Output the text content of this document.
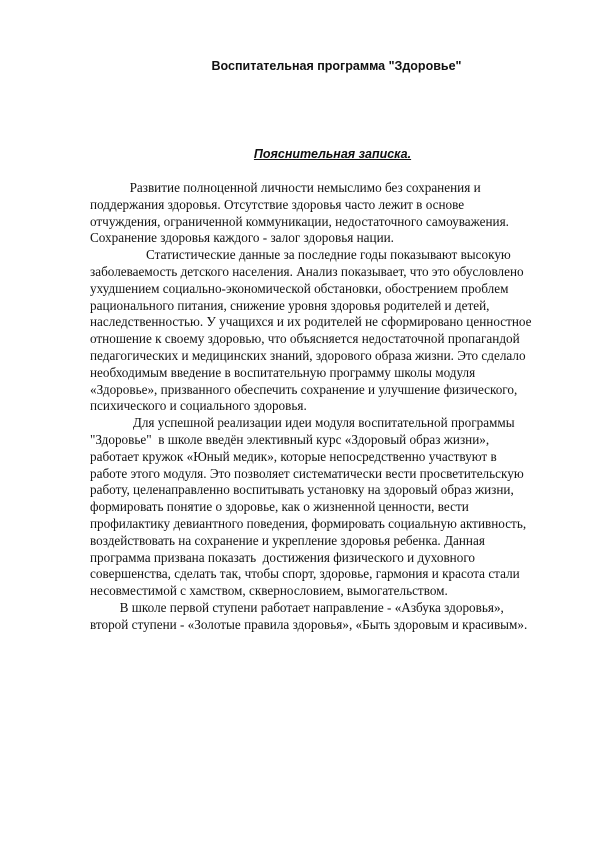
Воспитательная программа "Здоровье"
Пояснительная записка.
Развитие полноценной личности немыслимо без сохранения и
поддержания здоровья. Отсутствие здоровья часто лежит в основе
отчуждения, ограниченной коммуникации, недостаточного самоуважения.
Сохранение здоровья каждого - залог здоровья нации.
Статистические данные за последние годы показывают высокую
заболеваемость детского населения. Анализ показывает, что это обусловлено
ухудшением социально-экономической обстановки, обострением проблем
рационального питания, снижение уровня здоровья родителей и детей,
наследственностью. У учащихся и их родителей не сформировано ценностное
отношение к своему здоровью, что объясняется недостаточной пропагандой
педагогических и медицинских знаний, здорового образа жизни. Это сделало
необходимым введение в воспитательную программу школы модуля
«Здоровье», призванного обеспечить сохранение и улучшение физического,
психического и социального здоровья.
Для успешной реализации идеи модуля воспитательной программы
"Здоровье"  в школе введён элективный курс «Здоровый образ жизни»,
работает кружок «Юный медик», которые непосредственно участвуют в
работе этого модуля. Это позволяет систематически вести просветительскую
работу, целенаправленно воспитывать установку на здоровый образ жизни,
формировать понятие о здоровье, как о жизненной ценности, вести
профилактику девиантного поведения, формировать социальную активность,
воздействовать на сохранение и укрепление здоровья ребенка. Данная
программа призвана показать  достижения физического и духовного
совершенства, сделать так, чтобы спорт, здоровье, гармония и красота стали
несовместимой с хамством, сквернословием, вымогательством.
В школе первой ступени работает направление - «Азбука здоровья»,
второй ступени - «Золотые правила здоровья», «Быть здоровым и красивым».
